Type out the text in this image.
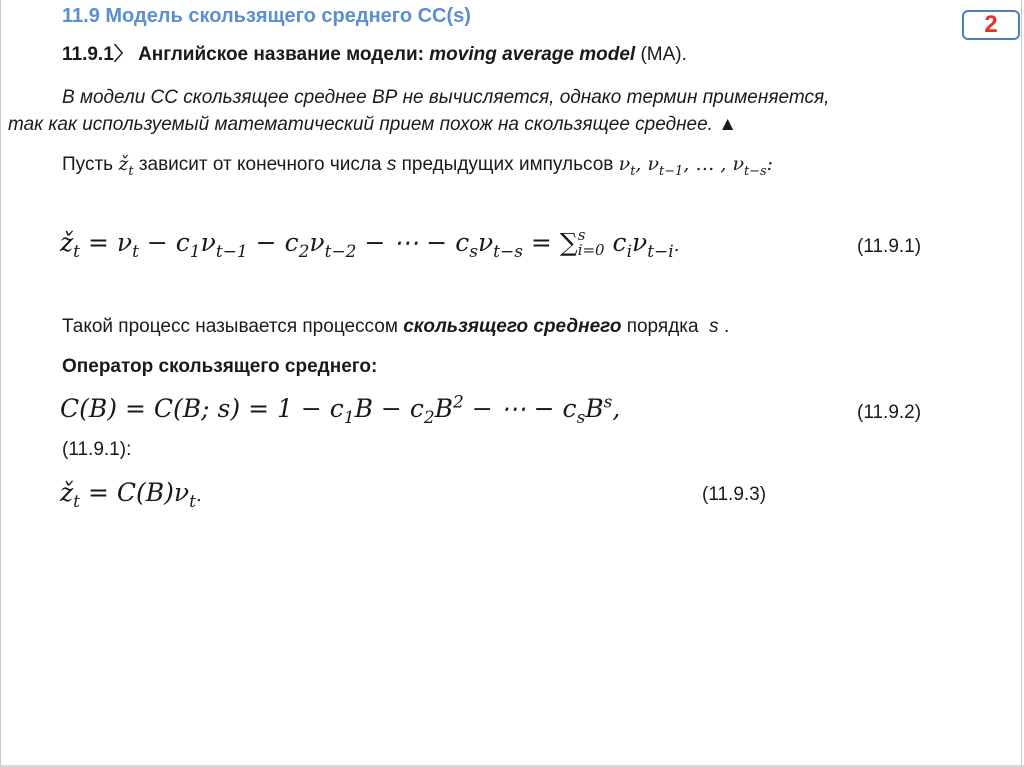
2
11.9 Модель скользящего среднего СС(s)
11.9.1〉 Английское название модели: moving average model (МА).
В модели СС скользящее среднее ВР не вычисляется, однако термин применяется,
так как используемый математический прием похож на скользящее среднее. ▲
Пусть $ž_t$ зависит от конечного числа s предыдущих импульсов $\nu_t$, $\nu_{t-1}$, … , $\nu_{t-s}$:
$ž_t = \nu_t - c_1\nu_{t-1} - c_2\nu_{t-2}$ − ⋯ − $c_s\nu_{t-s}$ = ∑ s
i=0 $c_i\nu_{t-i}$.	(11.9.1)
Такой процесс называется процессом скользящего среднего порядка s .
Оператор скользящего среднего:
C(B) = C(B; $s) = 1 - c_1B - c_2B^2$ − ⋯ − $c_sB^s$,	(11.9.2)
(11.9.1):
$ž_t = C(B)\nu_t$.	(11.9.3)
